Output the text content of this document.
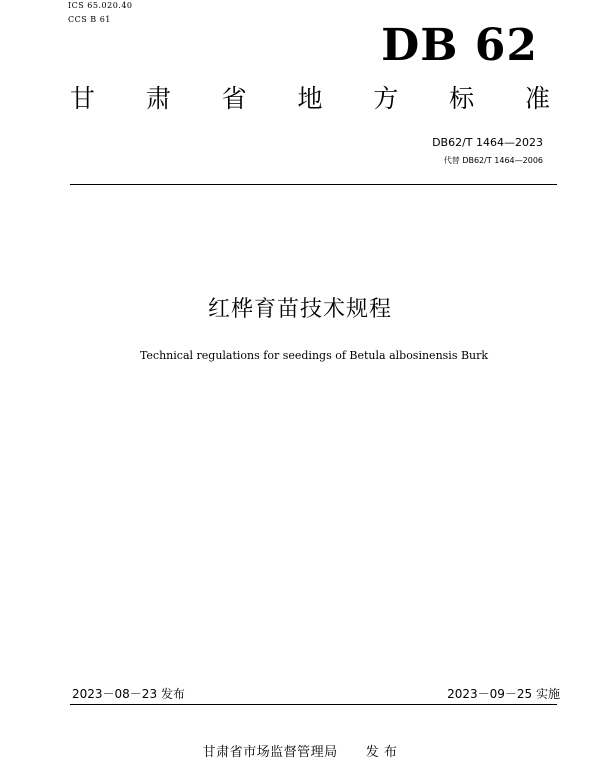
ICS 65.020.40
CCS B 61
DB 62
甘 肃 省 地 方 标 准
DB62/T 1464—2023
代替 DB62/T 1464—2006
红桦育苗技术规程
Technical regulations for seedings of Betula albosinensis Burk
2023－08－23 发布	2023－09－25 实施
甘肃省市场监督管理局 发 布
